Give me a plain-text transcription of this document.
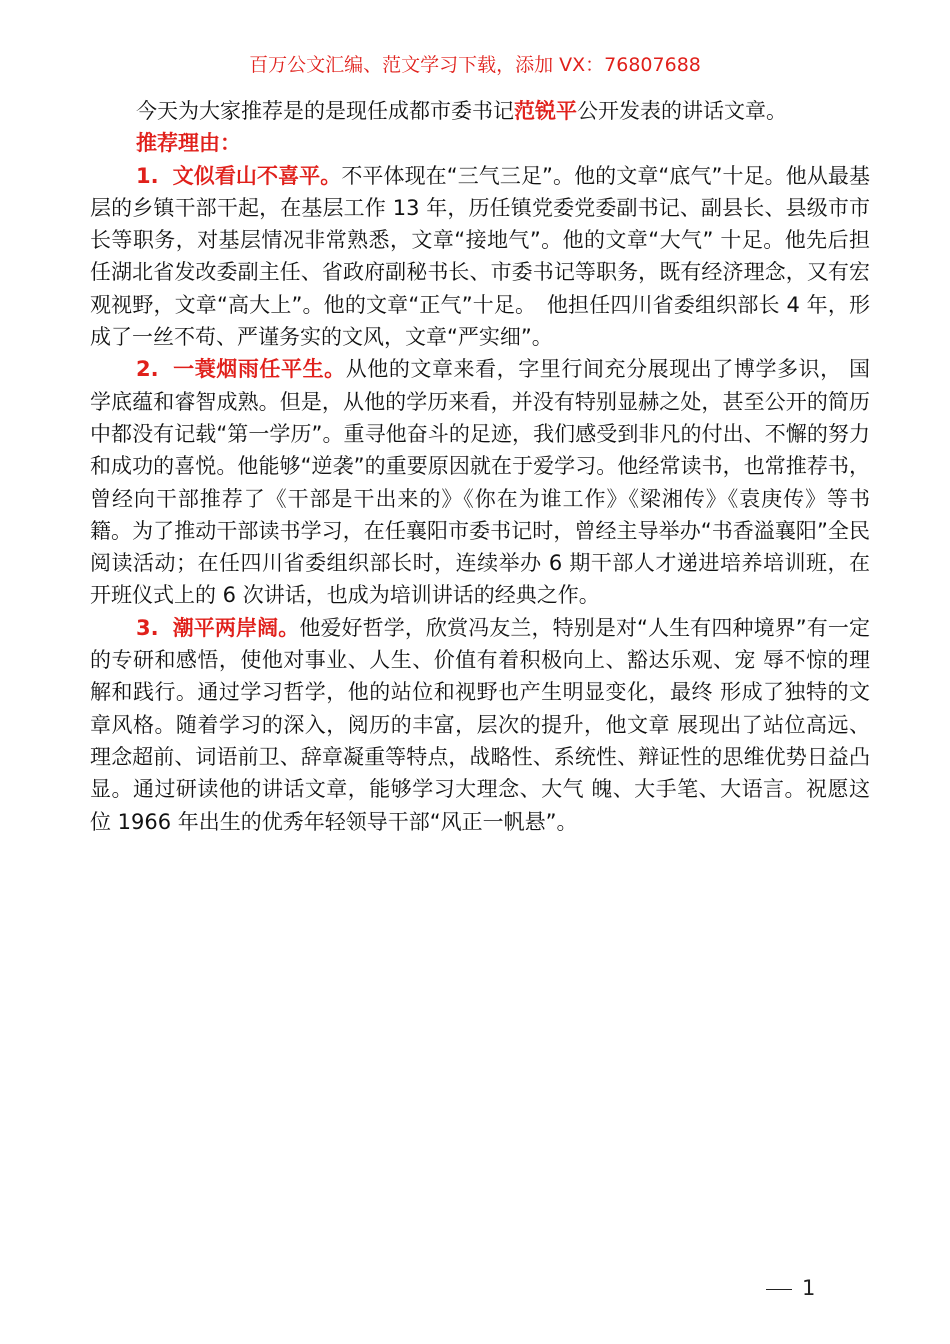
百万公文汇编、范文学习下载，添加 VX：76807688

今天为大家推荐是的是现任成都市委书记范锐平公开发表的讲话文章。

推荐理由：

1. 文似看山不喜平。不平体现在“三气三足”。他的文章“底气”十足。他从最基层的乡镇干部干起，在基层工作 13 年，历任镇党委党委副书记、副县长、县级市市长等职务，对基层情况非常熟悉，文章“接地气”。他的文章“大气” 十足。他先后担任湖北省发改委副主任、省政府副秘书长、市委书记等职务，既有经济理念，又有宏观视野，文章“高大上”。他的文章“正气”十足。　他担任四川省委组织部长 4 年，形成了一丝不苟、严谨务实的文风，文章“严实细”。

2. 一蓑烟雨任平生。从他的文章来看，字里行间充分展现出了博学多识， 国学底蕴和睿智成熟。但是，从他的学历来看，并没有特别显赫之处，甚至公开的简历中都没有记载“第一学历”。重寻他奋斗的足迹，我们感受到非凡的付出、不懈的努力和成功的喜悦。他能够“逆袭”的重要原因就在于爱学习。他经常读书，也常推荐书，曾经向干部推荐了《干部是干出来的》《你在为谁工作》《梁湘传》《袁庚传》等书籍。为了推动干部读书学习，在任襄阳市委书记时，曾经主导举办“书香溢襄阳”全民阅读活动；在任四川省委组织部长时，连续举办 6 期干部人才递进培养培训班，在开班仪式上的 6 次讲话，也成为培训讲话的经典之作。

3. 潮平两岸阔。他爱好哲学，欣赏冯友兰，特别是对“人生有四种境界”有一定的专研和感悟，使他对事业、人生、价值有着积极向上、豁达乐观、宠 辱不惊的理解和践行。通过学习哲学，他的站位和视野也产生明显变化，最终 形成了独特的文章风格。随着学习的深入，阅历的丰富，层次的提升，他文章 展现出了站位高远、理念超前、词语前卫、辞章凝重等特点，战略性、系统性、辩证性的思维优势日益凸显。通过研读他的讲话文章，能够学习大理念、大气 魄、大手笔、大语言。祝愿这位 1966 年出生的优秀年轻领导干部“风正一帆悬”。

1
